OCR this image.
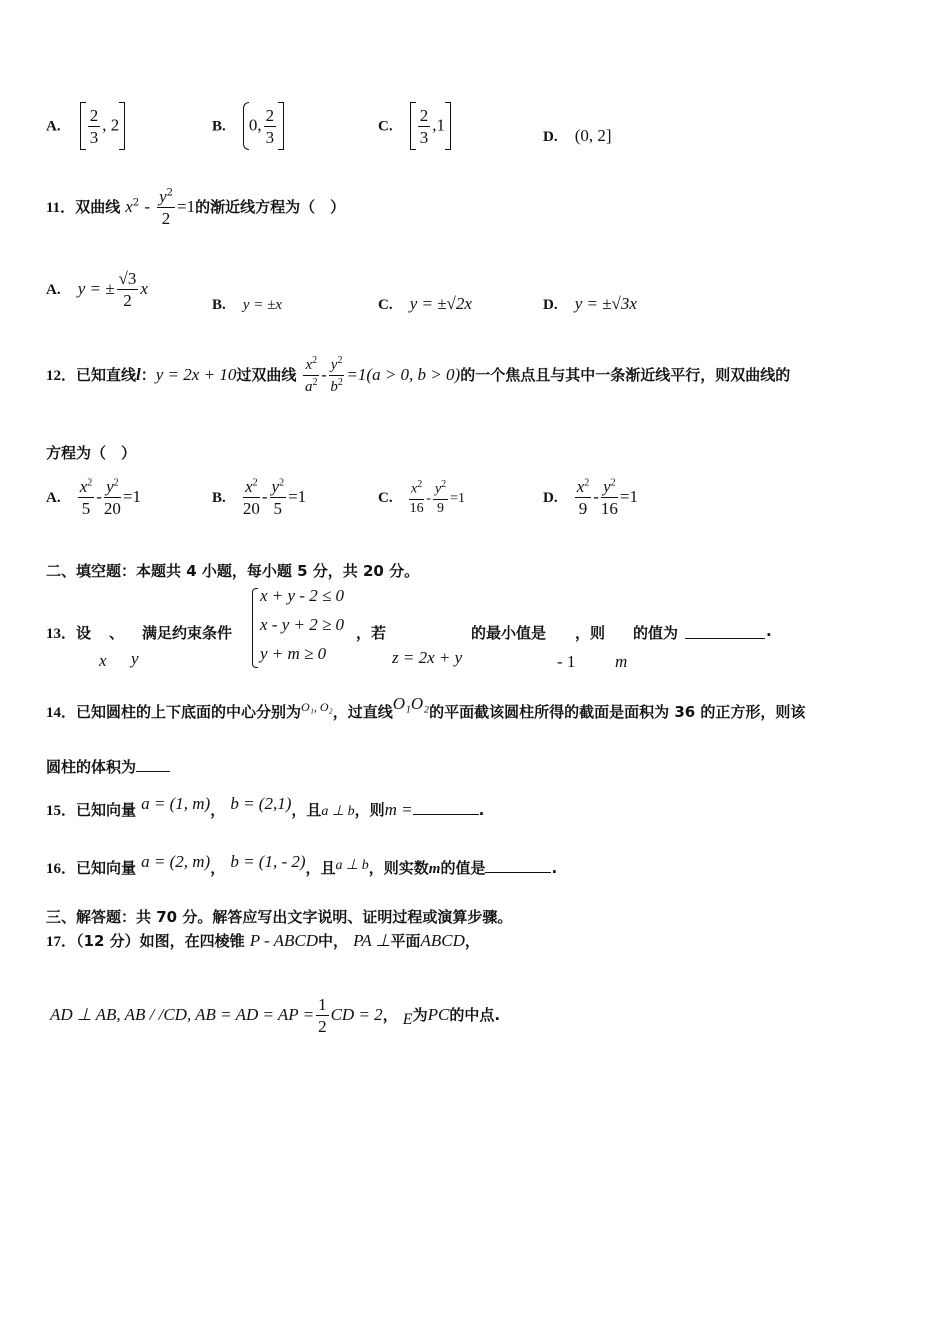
A. $\frac{2}{3}$ , 2	B. 0, $\frac{2}{3}$	C. $\frac{2}{3} ,1$
D. (0, 2]
11．双曲线 $x^2 - \frac{y^2}{2} =1$的渐近线方程为（　）
A. y = ± $\frac{√3}{2}$ x
B. y = ±x	C. y = ±√2x	D. y = ±√3x
12．已知直线l：y = 2x + 10过双曲线 $\frac{x^2}{a^2} - \frac{y^2}{b^2} =1(a > 0$, b > 0)的一个焦点且与其中一条渐近线平行，则双曲线的
方程为（　）
A. $\frac{x^2}{5} - \frac{y^2}{20} =1$	B. $\frac{x^2}{20} - \frac{y^2}{5} =1$	C. $\frac{x^2}{16} - \frac{y^2}{9} =1$	D. $\frac{x^2}{9} - \frac{y^2}{16} =1$
二、填空题：本题共 4 小题，每小题 5 分，共 20 分。
13．设 、 满足约束条件
x y
x + y - 2 ≤ 0
x - y + 2 ≥ 0
y + m ≥ 0
，若	的最小值是 ，则 的值为	.
z = 2x + y	- 1 m
14．已知圆柱的上下底面的中心分别为$^{O_1, O_2}$，过直线O₁O₂的平面截该圆柱所得的截面是面积为 36 的正方形，则该
圆柱的体积为
15．已知向量 a = (1, m)， b = (2,1)，且a ⊥ b，则m =	.
16．已知向量 a = (2, m)， b = (1, - 2)，且a ⊥ b，则实数m的值是	.
三、解答题：共 70 分。解答应写出文字说明、证明过程或演算步骤。
17．（12 分）如图，在四棱锥 P - ABCD中， PA ⊥平面ABCD，
AD ⊥ AB, AB / /CD, AB = AD = AP = $\frac{1}{2}$ CD = 2， E为PC的中点.
